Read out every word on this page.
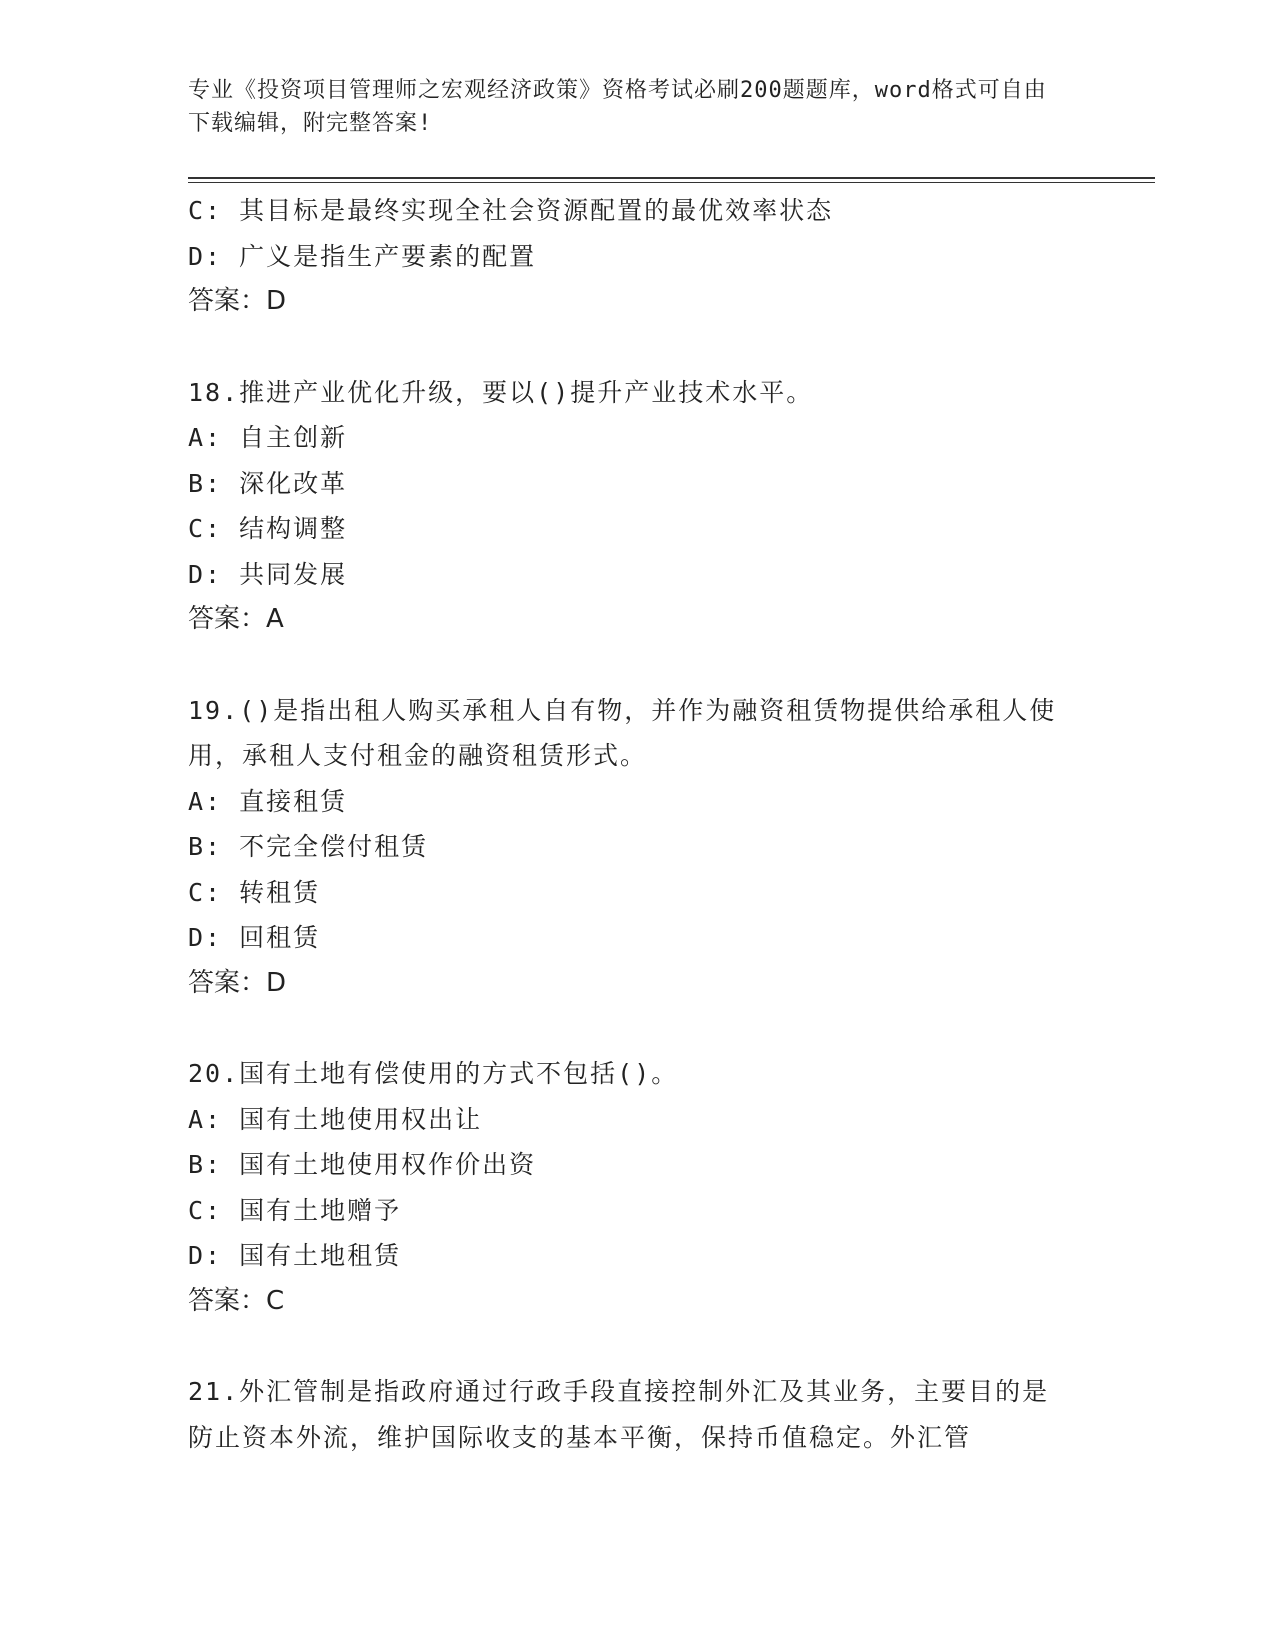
专业《投资项目管理师之宏观经济政策》资格考试必刷200题题库，word格式可自由下载编辑，附完整答案!
C: 其目标是最终实现全社会资源配置的最优效率状态
D: 广义是指生产要素的配置
答案：D
18.推进产业优化升级，要以()提升产业技术水平。
A: 自主创新
B: 深化改革
C: 结构调整
D: 共同发展
答案：A
19.()是指出租人购买承租人自有物，并作为融资租赁物提供给承租人使用，承租人支付租金的融资租赁形式。
A: 直接租赁
B: 不完全偿付租赁
C: 转租赁
D: 回租赁
答案：D
20.国有土地有偿使用的方式不包括()。
A: 国有土地使用权出让
B: 国有土地使用权作价出资
C: 国有土地赠予
D: 国有土地租赁
答案：C
21.外汇管制是指政府通过行政手段直接控制外汇及其业务，主要目的是防止资本外流，维护国际收支的基本平衡，保持币值稳定。外汇管
